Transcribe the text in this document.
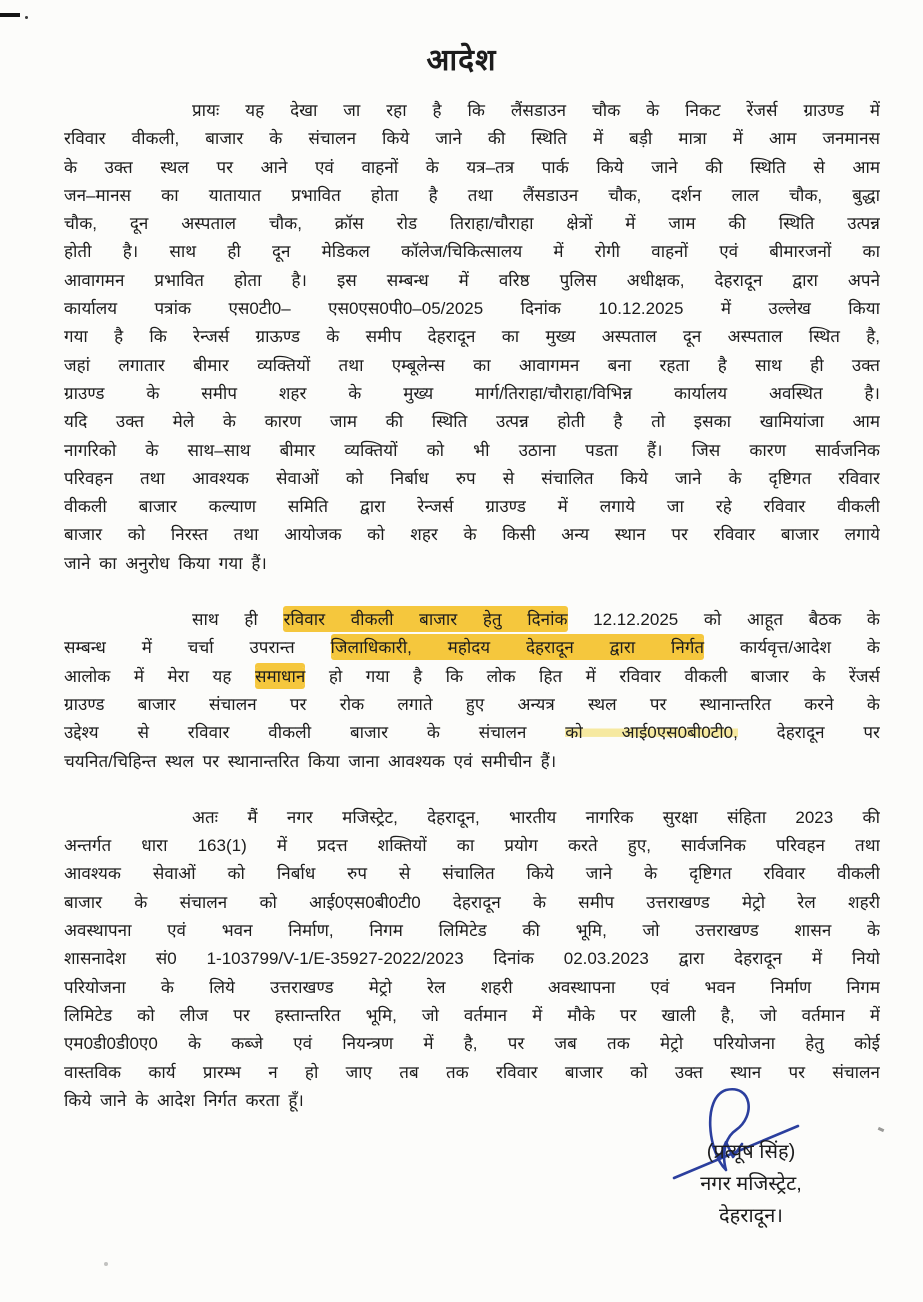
आदेश
प्रायः यह देखा जा रहा है कि लैंसडाउन चौक के निकट रेंजर्स ग्राउण्ड में
रविवार वीकली, बाजार के संचालन किये जाने की स्थिति में बड़ी मात्रा में आम जनमानस
के उक्त स्थल पर आने एवं वाहनों के यत्र–तत्र पार्क किये जाने की स्थिति से आम
जन–मानस का यातायात प्रभावित होता है तथा लैंसडाउन चौक, दर्शन लाल चौक, बुद्धा
चौक, दून अस्पताल चौक, क्रॉस रोड तिराहा/चौराहा क्षेत्रों में जाम की स्थिति उत्पन्न
होती है। साथ ही दून मेडिकल कॉलेज/चिकित्सालय में रोगी वाहनों एवं बीमारजनों का
आवागमन प्रभावित होता है। इस सम्बन्ध में वरिष्ठ पुलिस अधीक्षक, देहरादून द्वारा अपने
कार्यालय पत्रांक एस0टी0– एस0एस0पी0–05/2025 दिनांक 10.12.2025 में उल्लेख किया
गया है कि रेन्जर्स ग्राऊण्ड के समीप देहरादून का मुख्य अस्पताल दून अस्पताल स्थित है,
जहां लगातार बीमार व्यक्तियों तथा एम्बूलेन्स का आवागमन बना रहता है साथ ही उक्त
ग्राउण्ड के समीप शहर के मुख्य मार्ग/तिराहा/चौराहा/विभिन्न कार्यालय अवस्थित है।
यदि उक्त मेले के कारण जाम की स्थिति उत्पन्न होती है तो इसका खामियांजा आम
नागरिको के साथ–साथ बीमार व्यक्तियों को भी उठाना पडता हैं। जिस कारण सार्वजनिक
परिवहन तथा आवश्यक सेवाओं को निर्बाध रुप से संचालित किये जाने के दृष्टिगत रविवार
वीकली बाजार कल्याण समिति द्वारा रेन्जर्स ग्राउण्ड में लगाये जा रहे रविवार वीकली
बाजार को निरस्त तथा आयोजक को शहर के किसी अन्य स्थान पर रविवार बाजार लगाये
जाने का अनुरोध किया गया हैं।
साथ ही रविवार वीकली बाजार हेतु दिनांक 12.12.2025 को आहूत बैठक के
सम्बन्ध में चर्चा उपरान्त जिलाधिकारी, महोदय देहरादून द्वारा निर्गत कार्यवृत्त/आदेश के
आलोक में मेरा यह समाधान हो गया है कि लोक हित में रविवार वीकली बाजार के रेंजर्स
ग्राउण्ड बाजार संचालन पर रोक लगाते हुए अन्यत्र स्थल पर स्थानान्तरित करने के
उद्देश्य से रविवार वीकली बाजार के संचालन को आई0एस0बी0टी0, देहरादून पर
चयनित/चिहिन्त स्थल पर स्थानान्तरित किया जाना आवश्यक एवं समीचीन हैं।
अतः मैं नगर मजिस्ट्रेट, देहरादून, भारतीय नागरिक सुरक्षा संहिता 2023 की
अन्तर्गत धारा 163(1) में प्रदत्त शक्तियों का प्रयोग करते हुए, सार्वजनिक परिवहन तथा
आवश्यक सेवाओं को निर्बाध रुप से संचालित किये जाने के दृष्टिगत रविवार वीकली
बाजार के संचालन को आई0एस0बी0टी0 देहरादून के समीप उत्तराखण्ड मेट्रो रेल शहरी
अवस्थापना एवं भवन निर्माण, निगम लिमिटेड की भूमि, जो उत्तराखण्ड शासन के
शासनादेश सं0 1-103799/V-1/E-35927-2022/2023 दिनांक 02.03.2023 द्वारा देहरादून में नियो
परियोजना के लिये उत्तराखण्ड मेट्रो रेल शहरी अवस्थापना एवं भवन निर्माण निगम
लिमिटेड को लीज पर हस्तान्तरित भूमि, जो वर्तमान में मौके पर खाली है, जो वर्तमान में
एम0डी0डी0ए0 के कब्जे एवं नियन्त्रण में है, पर जब तक मेट्रो परियोजना हेतु कोई
वास्तविक कार्य प्रारम्भ न हो जाए तब तक रविवार बाजार को उक्त स्थान पर संचालन
किये जाने के आदेश निर्गत करता हूँ।
(प्रत्यूष सिंह)
नगर मजिस्ट्रेट,
देहरादून।
